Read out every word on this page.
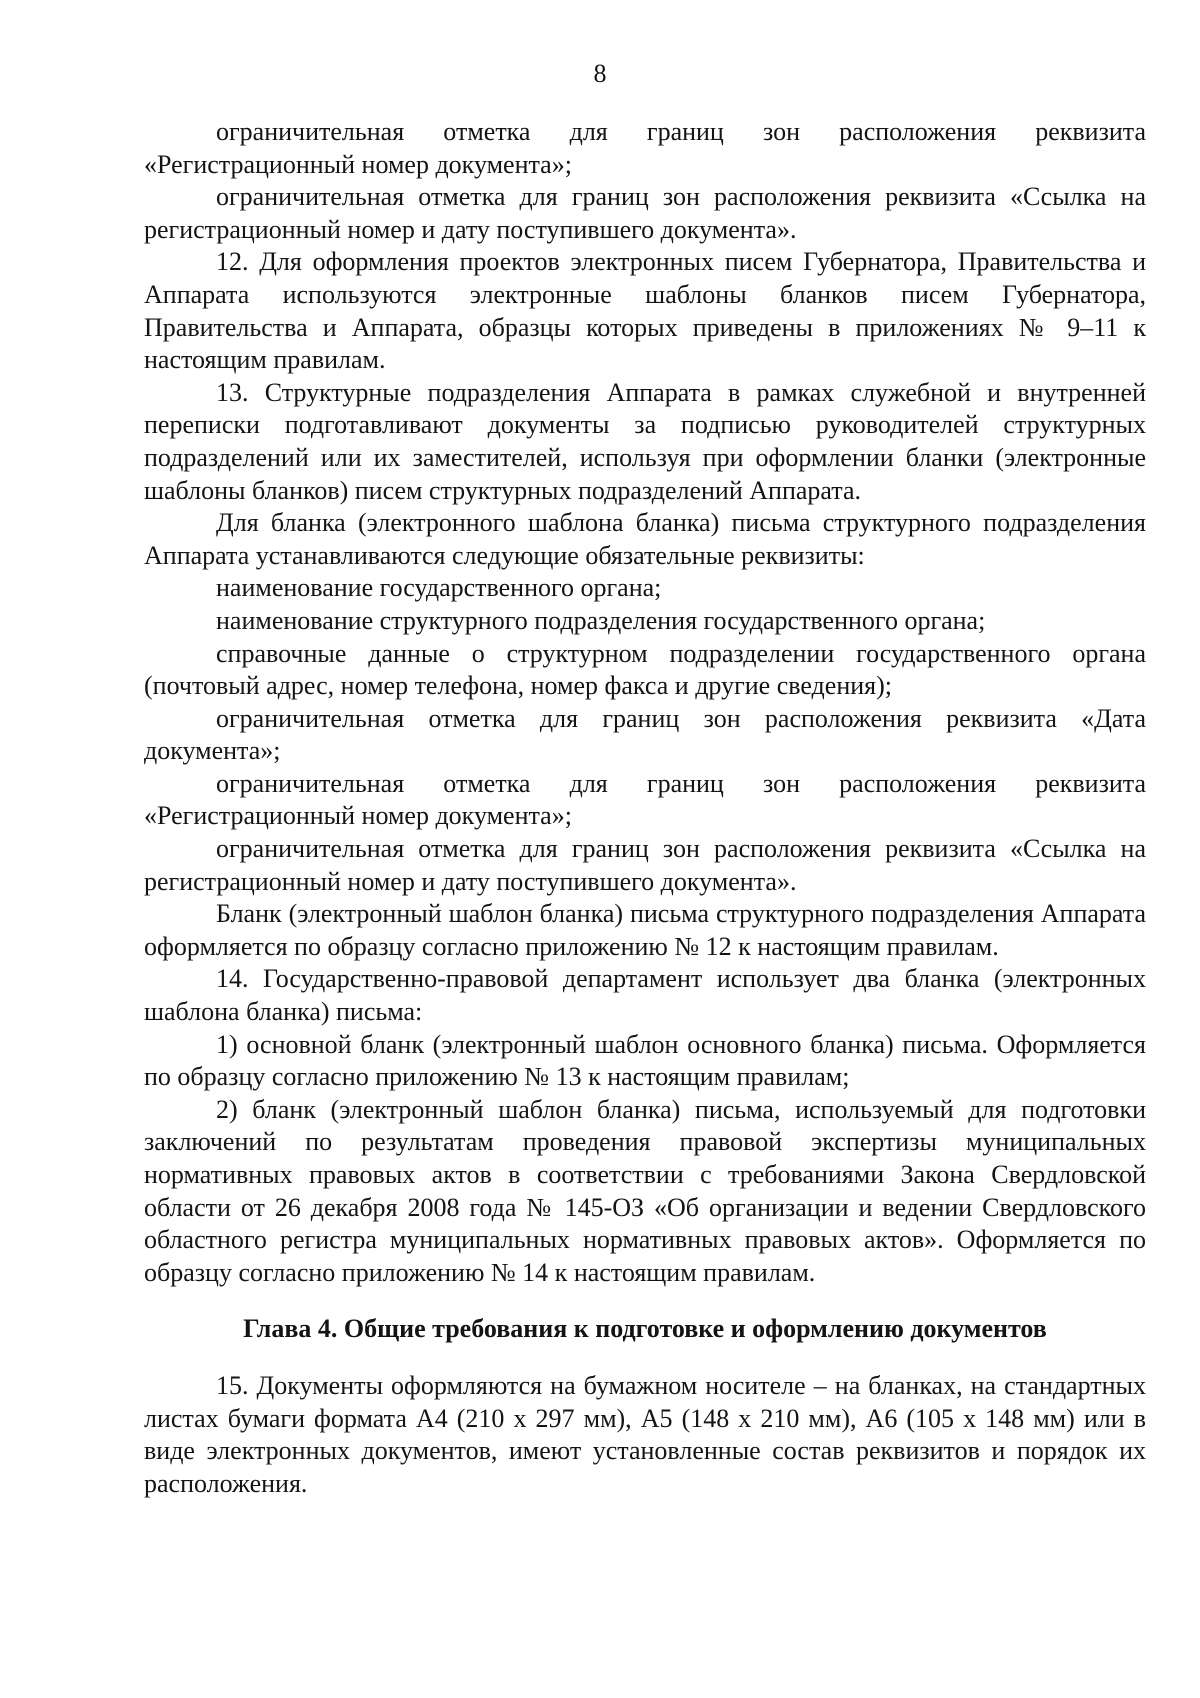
8

ограничительная отметка для границ зон расположения реквизита «Регистрационный номер документа»;

ограничительная отметка для границ зон расположения реквизита «Ссылка на регистрационный номер и дату поступившего документа».

12. Для оформления проектов электронных писем Губернатора, Правительства и Аппарата используются электронные шаблоны бланков писем Губернатора, Правительства и Аппарата, образцы которых приведены в приложениях № 9–11 к настоящим правилам.

13. Структурные подразделения Аппарата в рамках служебной и внутренней переписки подготавливают документы за подписью руководителей структурных подразделений или их заместителей, используя при оформлении бланки (электронные шаблоны бланков) писем структурных подразделений Аппарата.

Для бланка (электронного шаблона бланка) письма структурного подразделения Аппарата устанавливаются следующие обязательные реквизиты:

наименование государственного органа;

наименование структурного подразделения государственного органа;

справочные данные о структурном подразделении государственного органа (почтовый адрес, номер телефона, номер факса и другие сведения);

ограничительная отметка для границ зон расположения реквизита «Дата документа»;

ограничительная отметка для границ зон расположения реквизита «Регистрационный номер документа»;

ограничительная отметка для границ зон расположения реквизита «Ссылка на регистрационный номер и дату поступившего документа».

Бланк (электронный шаблон бланка) письма структурного подразделения Аппарата оформляется по образцу согласно приложению № 12 к настоящим правилам.

14. Государственно-правовой департамент использует два бланка (электронных шаблона бланка) письма:

1) основной бланк (электронный шаблон основного бланка) письма. Оформляется по образцу согласно приложению № 13 к настоящим правилам;

2) бланк (электронный шаблон бланка) письма, используемый для подготовки заключений по результатам проведения правовой экспертизы муниципальных нормативных правовых актов в соответствии с требованиями Закона Свердловской области от 26 декабря 2008 года № 145-ОЗ «Об организации и ведении Свердловского областного регистра муниципальных нормативных правовых актов». Оформляется по образцу согласно приложению № 14 к настоящим правилам.

Глава 4. Общие требования к подготовке и оформлению документов

15. Документы оформляются на бумажном носителе – на бланках, на стандартных листах бумаги формата А4 (210 x 297 мм), А5 (148 x 210 мм), А6 (105 x 148 мм) или в виде электронных документов, имеют установленные состав реквизитов и порядок их расположения.
